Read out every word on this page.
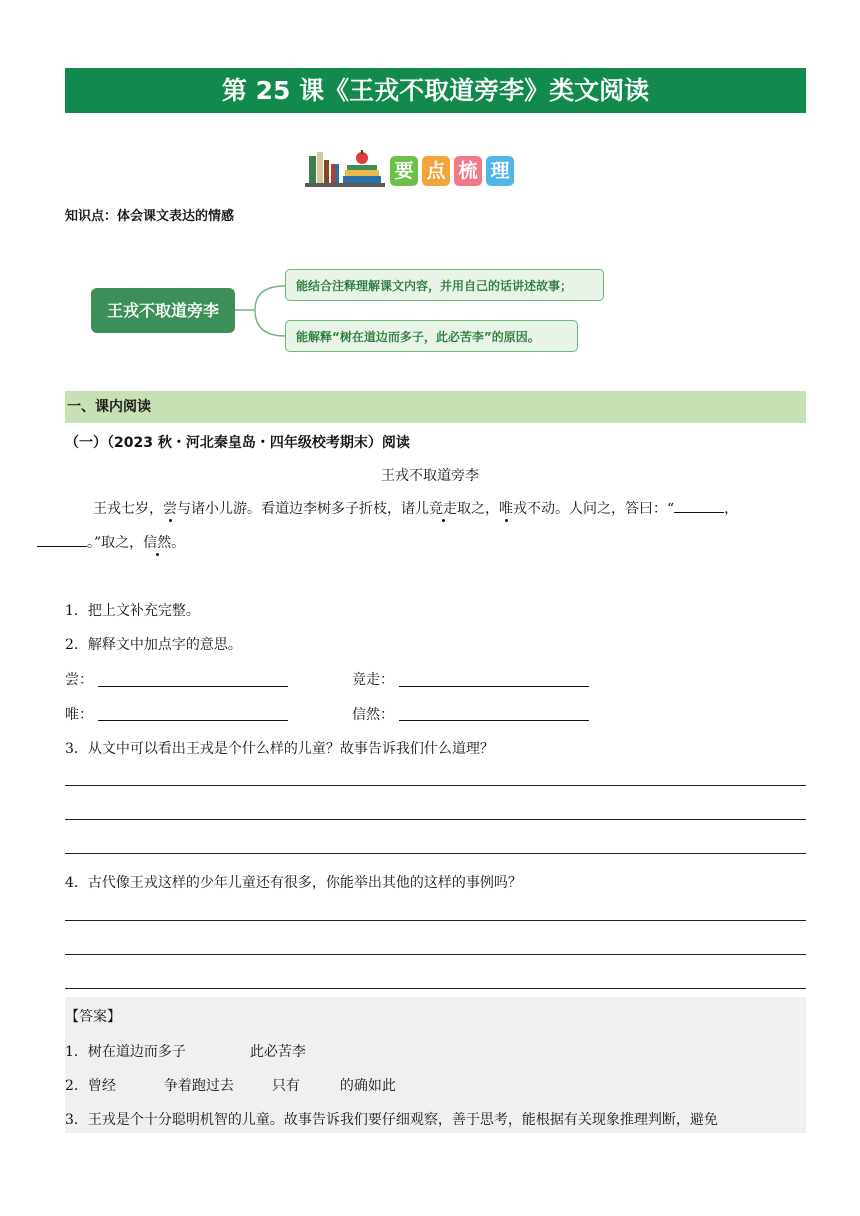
第 25 课《王戎不取道旁李》类文阅读
要 点 梳 理
知识点：体会课文表达的情感
王戎不取道旁李
能结合注释理解课文内容，并用自己的话讲述故事；
能解释“树在道边而多子，此必苦李”的原因。
一、课内阅读
（一）（2023 秋・河北秦皇岛・四年级校考期末）阅读
王戎不取道旁李
王戎七岁，尝与诸小儿游。看道边李树多子折枝，诸儿竞走取之，唯戎不动。人问之，答曰：“	，
。”取之，信然。
1．把上文补充完整。
2．解释文中加点字的意思。
尝：	竞走：
唯：	信然：
3．从文中可以看出王戎是个什么样的儿童？故事告诉我们什么道理？
4．古代像王戎这样的少年儿童还有很多，你能举出其他的这样的事例吗？
【答案】
1．树在道边而多子	此必苦李
2．曾经	争着跑过去	只有	的确如此
3．王戎是个十分聪明机智的儿童。故事告诉我们要仔细观察，善于思考，能根据有关现象推理判断，避免
